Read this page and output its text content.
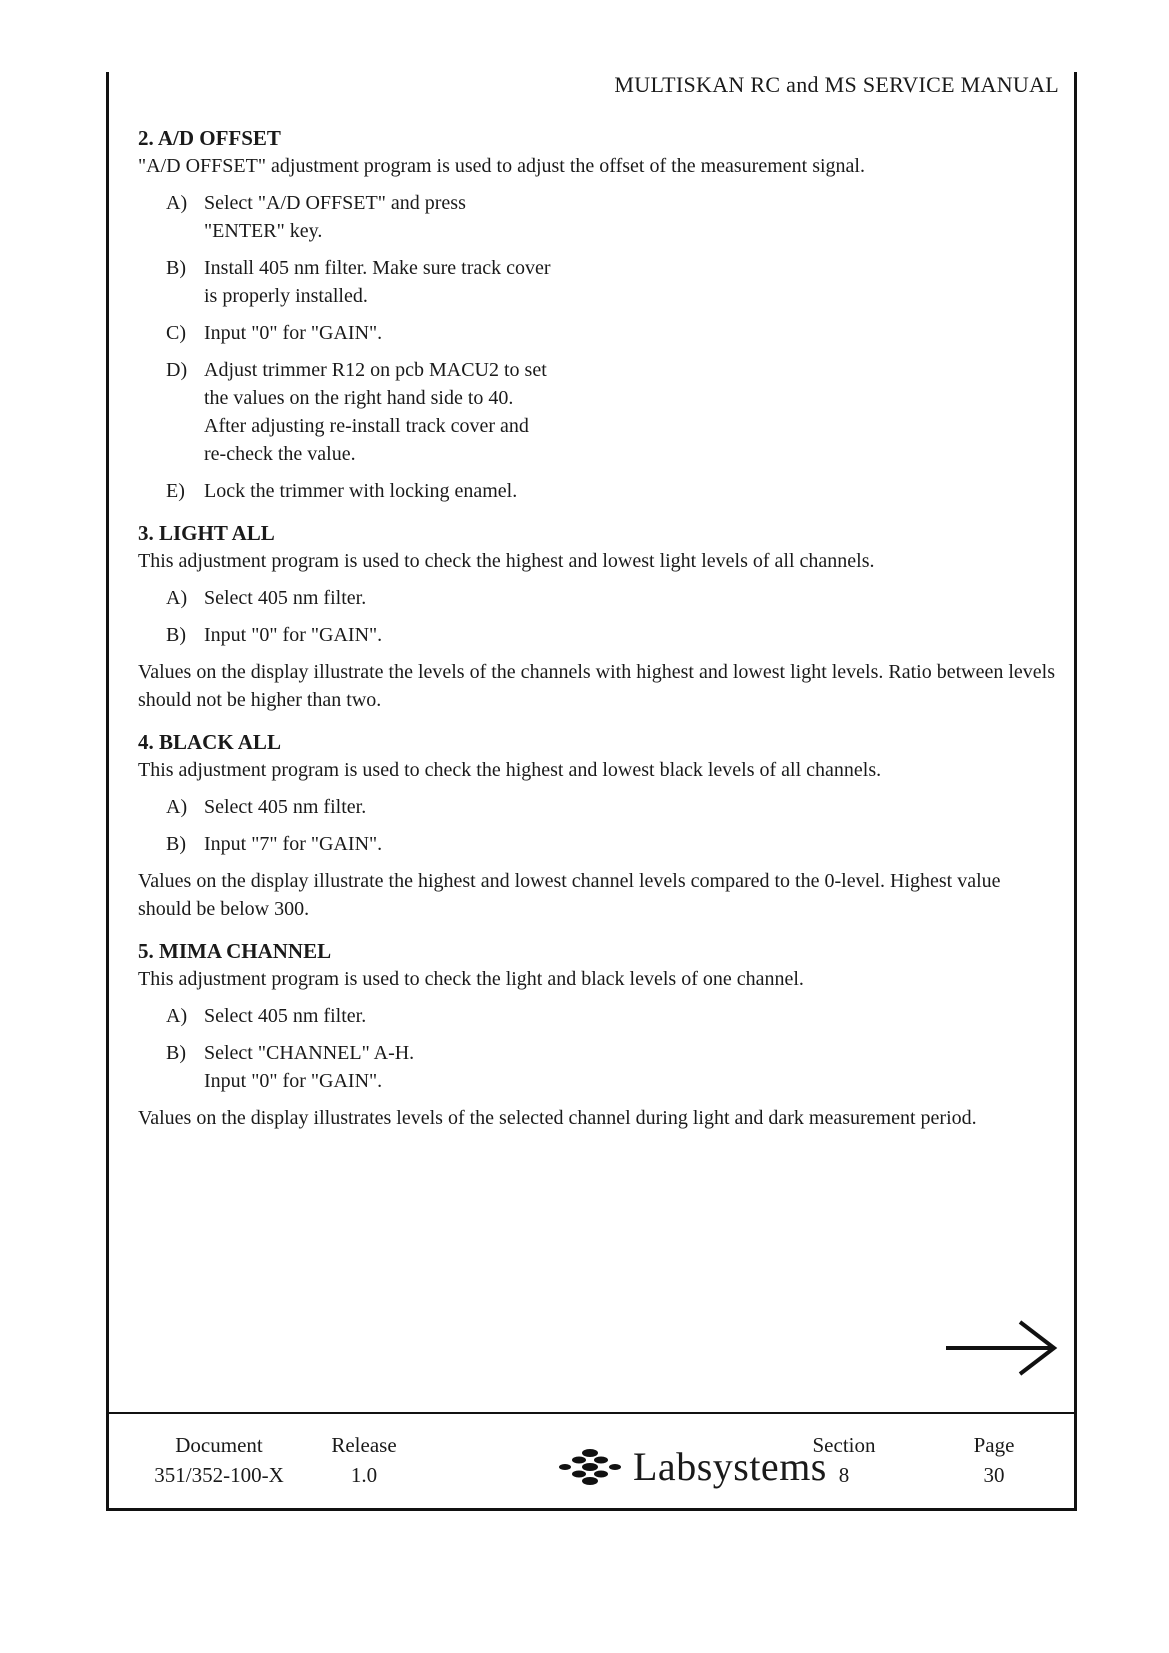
MULTISKAN RC and MS SERVICE MANUAL
2. A/D OFFSET

"A/D OFFSET" adjustment program is used to adjust the offset of the measurement signal.

A) Select "A/D OFFSET" and press
"ENTER" key.
B) Install 405 nm filter. Make sure track cover
is properly installed.
C) Input "0" for "GAIN".
D) Adjust trimmer R12 on pcb MACU2 to set
the values on the right hand side to 40.
After adjusting re-install track cover and
re-check the value.
E) Lock the trimmer with locking enamel.
3. LIGHT ALL

This adjustment program is used to check the highest and lowest light levels of all channels.

A) Select 405 nm filter.
B) Input "0" for "GAIN".

Values on the display illustrate the levels of the channels with highest and lowest light levels. Ratio between levels should not be higher than two.

4. BLACK ALL

This adjustment program is used to check the highest and lowest black levels of all channels.

A) Select 405 nm filter.
B) Input "7" for "GAIN".

Values on the display illustrate the highest and lowest channel levels compared to the 0-level. Highest value should be below 300.

5. MIMA CHANNEL

This adjustment program is used to check the light and black levels of one channel.

A) Select 405 nm filter.
B) Select "CHANNEL" A-H.
Input "0" for "GAIN".

Values on the display illustrates levels of the selected channel during light and dark measurement period.

Document
351/352-100-X
Release
1.0	Labsystems
Section
8
Page
30
